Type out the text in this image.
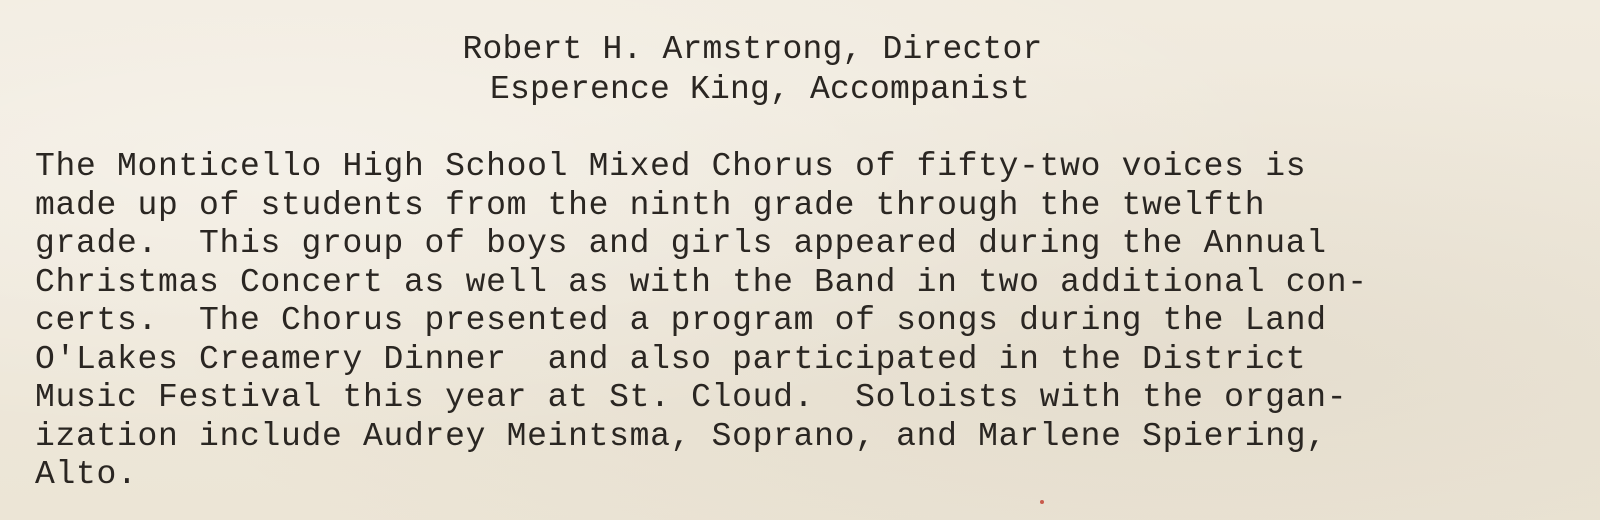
Robert H. Armstrong, Director
Esperence King, Accompanist
The Monticello High School Mixed Chorus of fifty-two voices is
made up of students from the ninth grade through the twelfth
grade.  This group of boys and girls appeared during the Annual
Christmas Concert as well as with the Band in two additional con-
certs.  The Chorus presented a program of songs during the Land
O'Lakes Creamery Dinner  and also participated in the District
Music Festival this year at St. Cloud.  Soloists with the organ-
ization include Audrey Meintsma, Soprano, and Marlene Spiering,
Alto.
